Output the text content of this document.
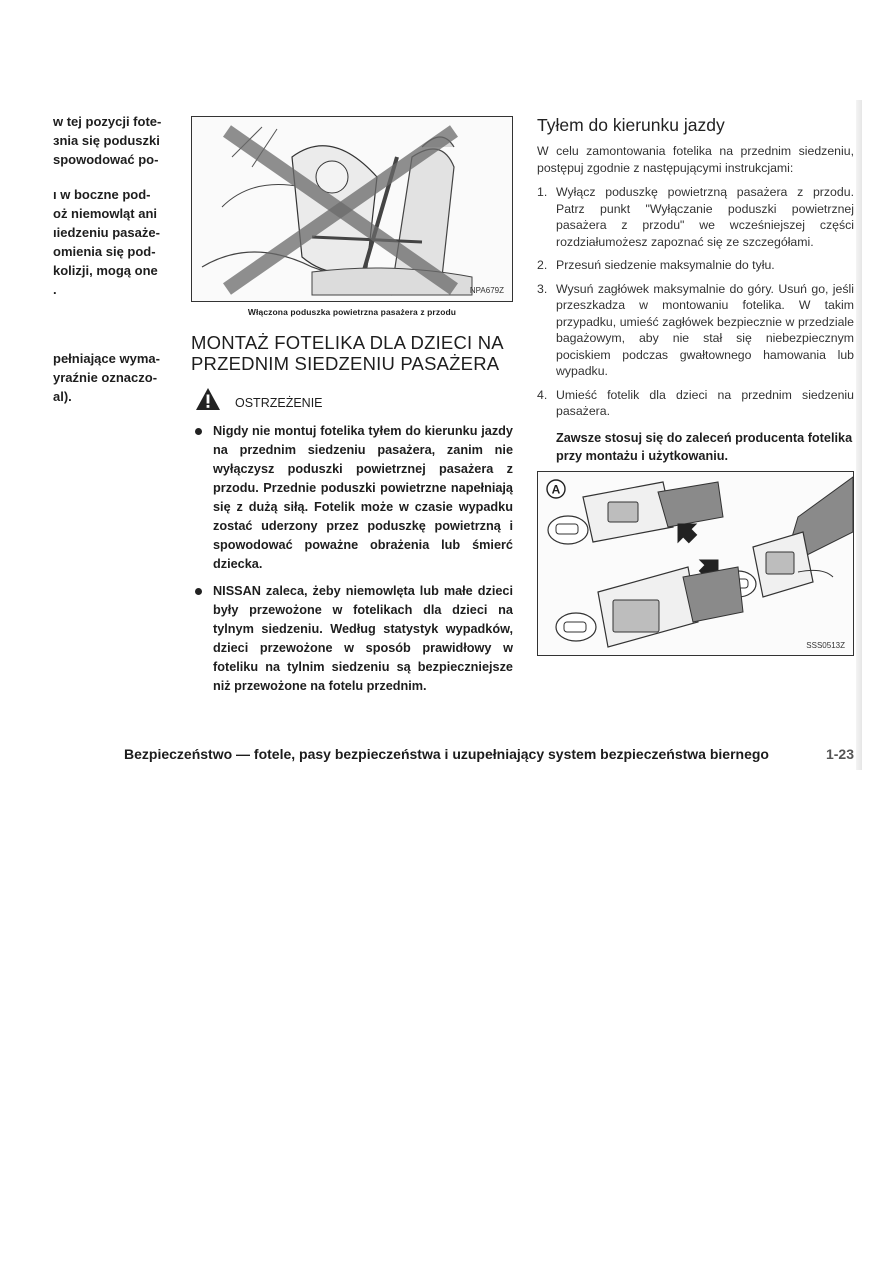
w tej pozycji fote-
ɜnia się poduszki
spowodować po-
ı w boczne pod-
oż niemowląt ani
ıiedzeniu pasaże-
omienia się pod-
kolizji, mogą one
.
pełniające wyma-
yraźnie oznaczo-
al).
NPA679Z
Włączona poduszka powietrzna pasażera z przodu
MONTAŻ FOTELIKA DLA DZIECI NA
PRZEDNIM SIEDZENIU PASAŻERA
OSTRZEŻENIE
Nigdy nie montuj fotelika tyłem do kierunku jazdy na przednim siedzeniu pasażera, zanim nie wyłączysz poduszki powietrznej pasażera z przodu. Przednie poduszki powietrzne napełniają się z dużą siłą. Fotelik może w czasie wypadku zostać uderzony przez poduszkę powietrzną i spowodować poważne obrażenia lub śmierć dziecka.
NISSAN zaleca, żeby niemowlęta lub małe dzieci były przewożone w fotelikach dla dzieci na tylnym siedzeniu. Według statystyk wypadków, dzieci przewożone w sposób prawidłowy w foteliku na tylnim siedzeniu są bezpieczniejsze niż przewożone na fotelu przednim.
Tyłem do kierunku jazdy
W celu zamontowania fotelika na przednim siedzeniu, postępuj zgodnie z następującymi instrukcjami:
1. Wyłącz poduszkę powietrzną pasażera z przodu. Patrz punkt "Wyłączanie poduszki powietrznej pasażera z przodu" we wcześniejszej części rozdziałumożesz zapoznać się ze szczegółami.
2. Przesuń siedzenie maksymalnie do tyłu.
3. Wysuń zagłówek maksymalnie do góry. Usuń go, jeśli przeszkadza w montowaniu fotelika. W takim przypadku, umieść zagłówek bezpiecznie w przedziale bagażowym, aby nie stał się niebezpiecznym pociskiem podczas gwałtownego hamowania lub wypadku.
4. Umieść fotelik dla dzieci na przednim siedzeniu pasażera.
Zawsze stosuj się do zaleceń producenta fotelika przy montażu i użytkowaniu.
A
SSS0513Z
Bezpieczeństwo — fotele, pasy bezpieczeństwa i uzupełniający system bezpieczeństwa biernego	1-23
